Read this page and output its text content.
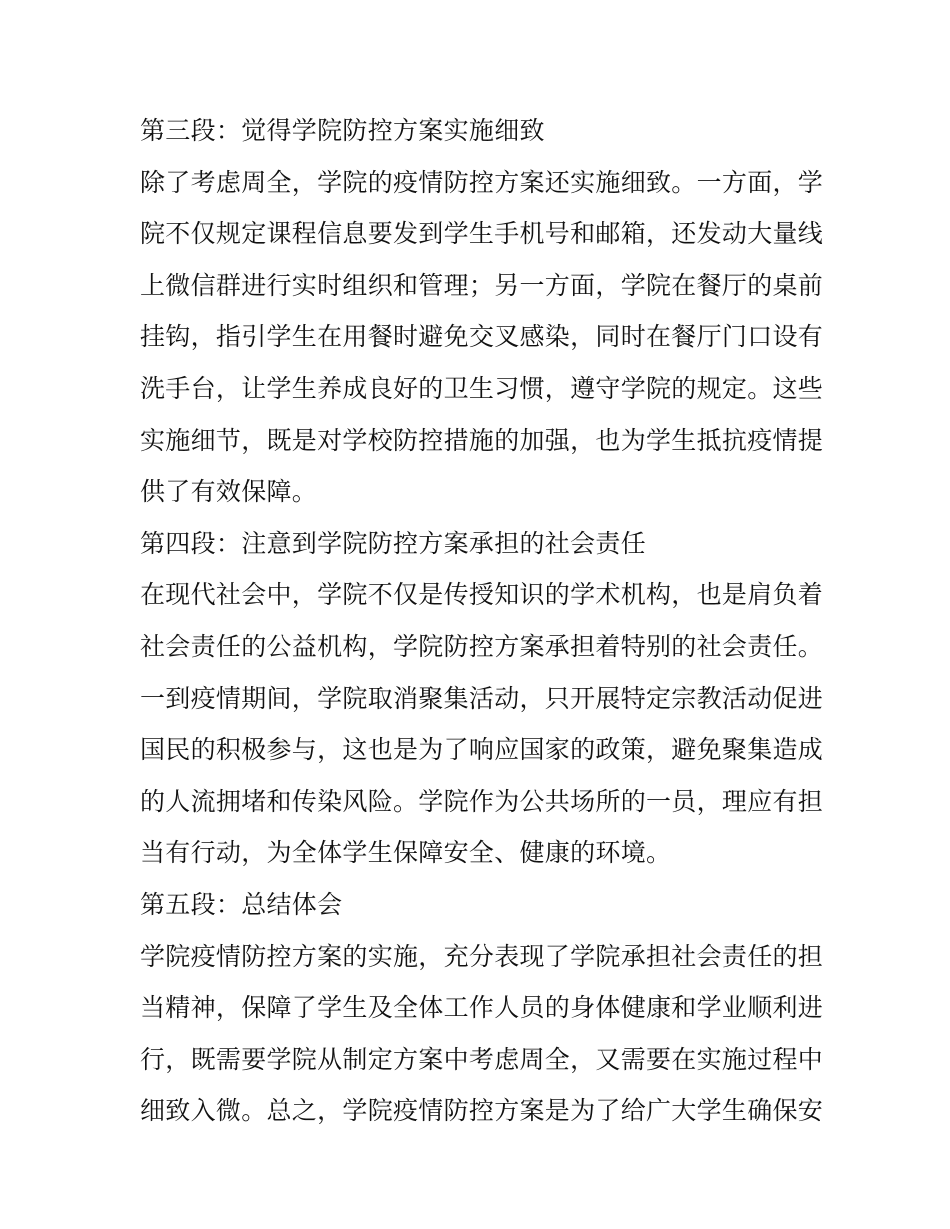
第三段：觉得学院防控方案实施细致
除了考虑周全，学院的疫情防控方案还实施细致。一方面，学
院不仅规定课程信息要发到学生手机号和邮箱，还发动大量线
上微信群进行实时组织和管理；另一方面，学院在餐厅的桌前
挂钩，指引学生在用餐时避免交叉感染，同时在餐厅门口设有
洗手台，让学生养成良好的卫生习惯，遵守学院的规定。这些
实施细节，既是对学校防控措施的加强，也为学生抵抗疫情提
供了有效保障。
第四段：注意到学院防控方案承担的社会责任
在现代社会中，学院不仅是传授知识的学术机构，也是肩负着
社会责任的公益机构，学院防控方案承担着特别的社会责任。
一到疫情期间，学院取消聚集活动，只开展特定宗教活动促进
国民的积极参与，这也是为了响应国家的政策，避免聚集造成
的人流拥堵和传染风险。学院作为公共场所的一员，理应有担
当有行动，为全体学生保障安全、健康的环境。
第五段：总结体会
学院疫情防控方案的实施，充分表现了学院承担社会责任的担
当精神，保障了学生及全体工作人员的身体健康和学业顺利进
行，既需要学院从制定方案中考虑周全，又需要在实施过程中
细致入微。总之，学院疫情防控方案是为了给广大学生确保安
